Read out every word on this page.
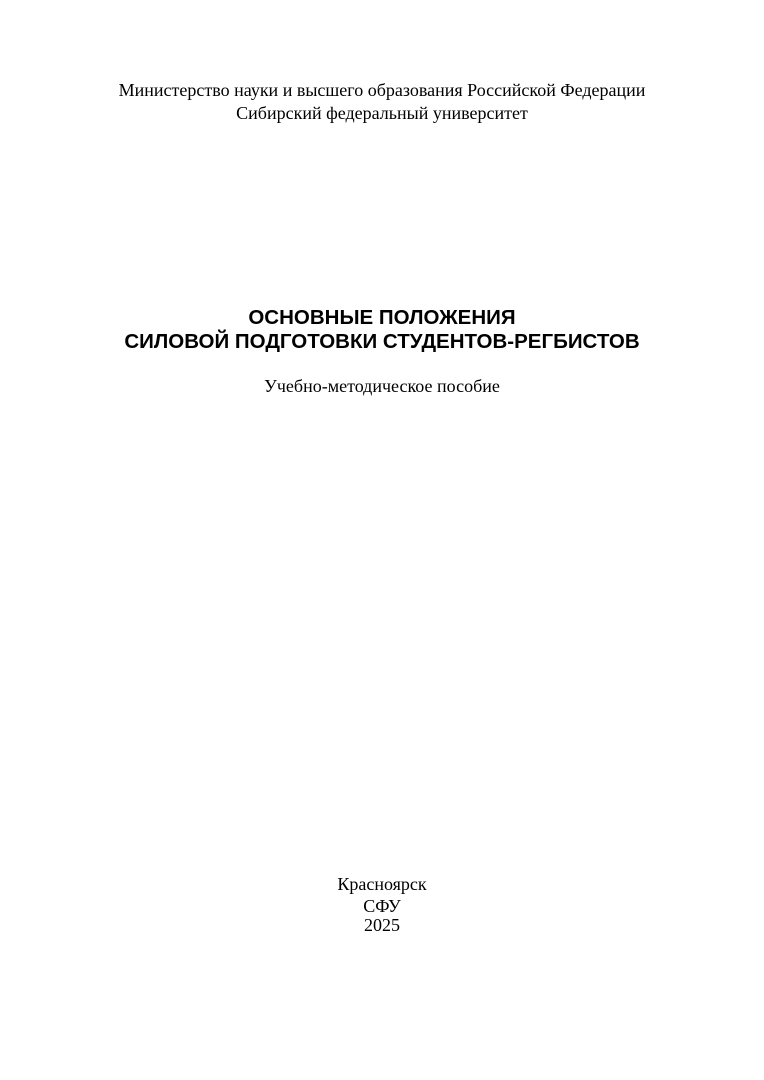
Министерство науки и высшего образования Российской Федерации
Сибирский федеральный университет
ОСНОВНЫЕ ПОЛОЖЕНИЯ
СИЛОВОЙ ПОДГОТОВКИ СТУДЕНТОВ-РЕГБИСТОВ
Учебно-методическое пособие
Красноярск
СФУ
2025
